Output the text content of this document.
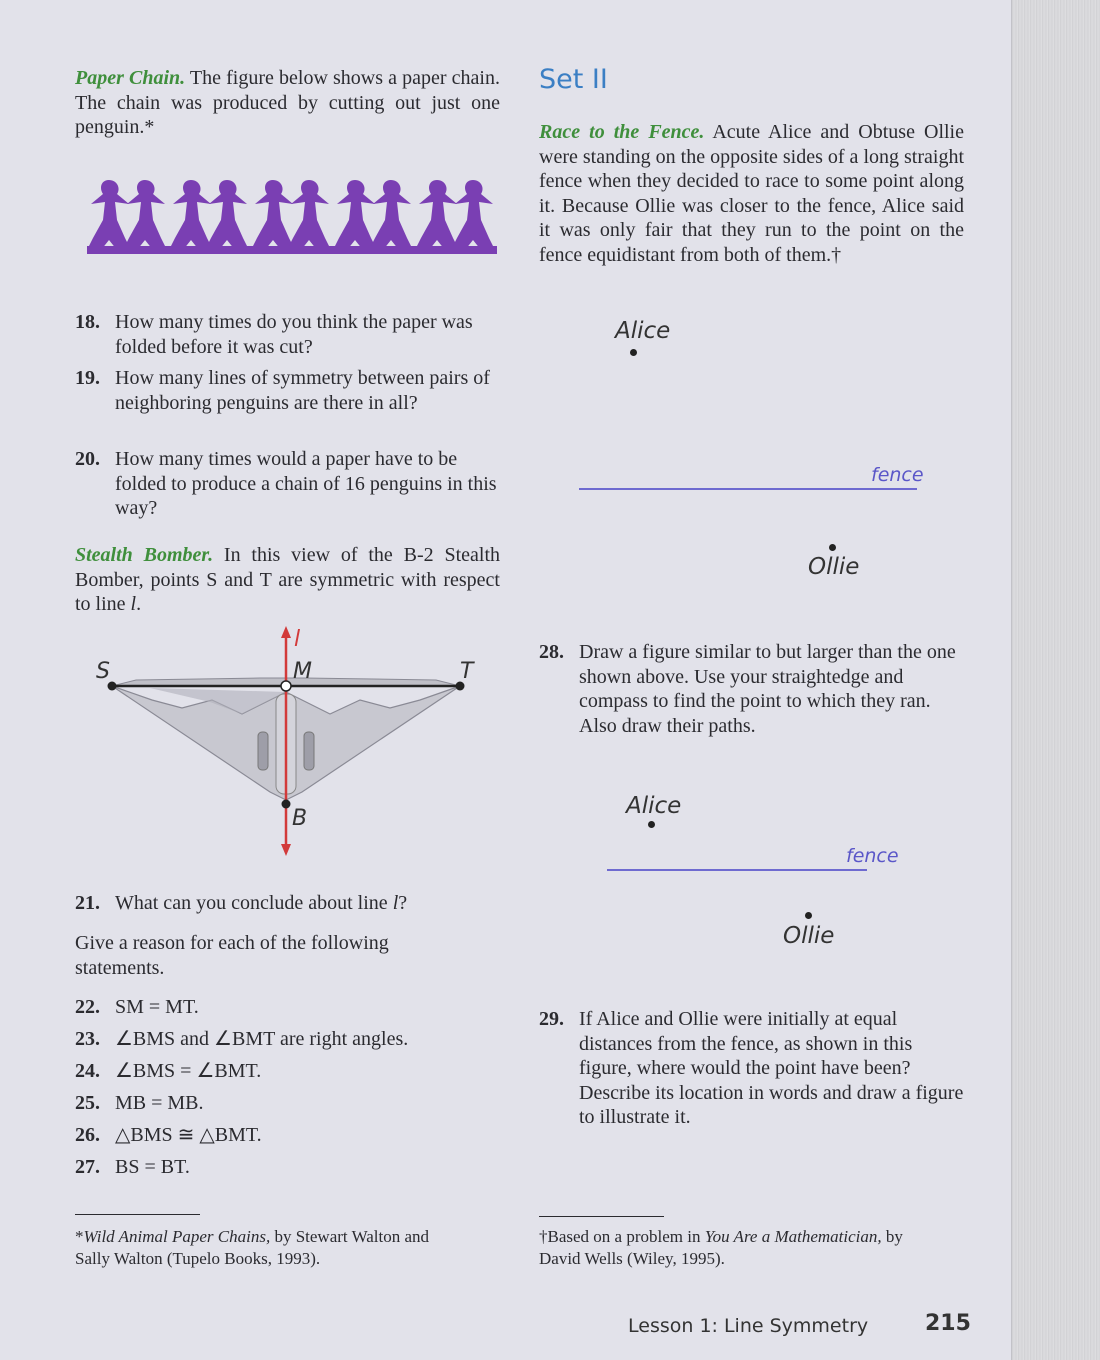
Paper Chain. The figure below shows a paper chain. The chain was produced by cutting out just one penguin.*

18. How many times do you think the paper was folded before it was cut?
19. How many lines of symmetry between pairs of neighboring penguins are there in all?
20. How many times would a paper have to be folded to produce a chain of 16 penguins in this way?

Stealth Bomber. In this view of the B-2 Stealth Bomber, points S and T are symmetric with respect to line l.

S	T
M
B
l
21. What can you conclude about line l?

Give a reason for each of the following statements.

22. SM = MT.
23. ∠BMS and ∠BMT are right angles.
24. ∠BMS = ∠BMT.
25. MB = MB.
26. △BMS ≅ △BMT.
27. BS = BT.
*Wild Animal Paper Chains, by Stewart Walton and
Sally Walton (Tupelo Books, 1993).
Set II

Race to the Fence. Acute Alice and Obtuse Ollie were standing on the opposite sides of a long straight fence when they decided to race to some point along it. Because Ollie was closer to the fence, Alice said it was only fair that they run to the point on the fence equidistant from both of them.†

Alice
fence
Ollie
28. Draw a figure similar to but larger than the one shown above. Use your straightedge and compass to find the point to which they ran. Also draw their paths.
Alice
fence
Ollie
29. If Alice and Ollie were initially at equal distances from the fence, as shown in this figure, where would the point have been? Describe its location in words and draw a figure to illustrate it.
†Based on a problem in You Are a Mathematician, by
David Wells (Wiley, 1995).
Lesson 1: Line Symmetry	215
